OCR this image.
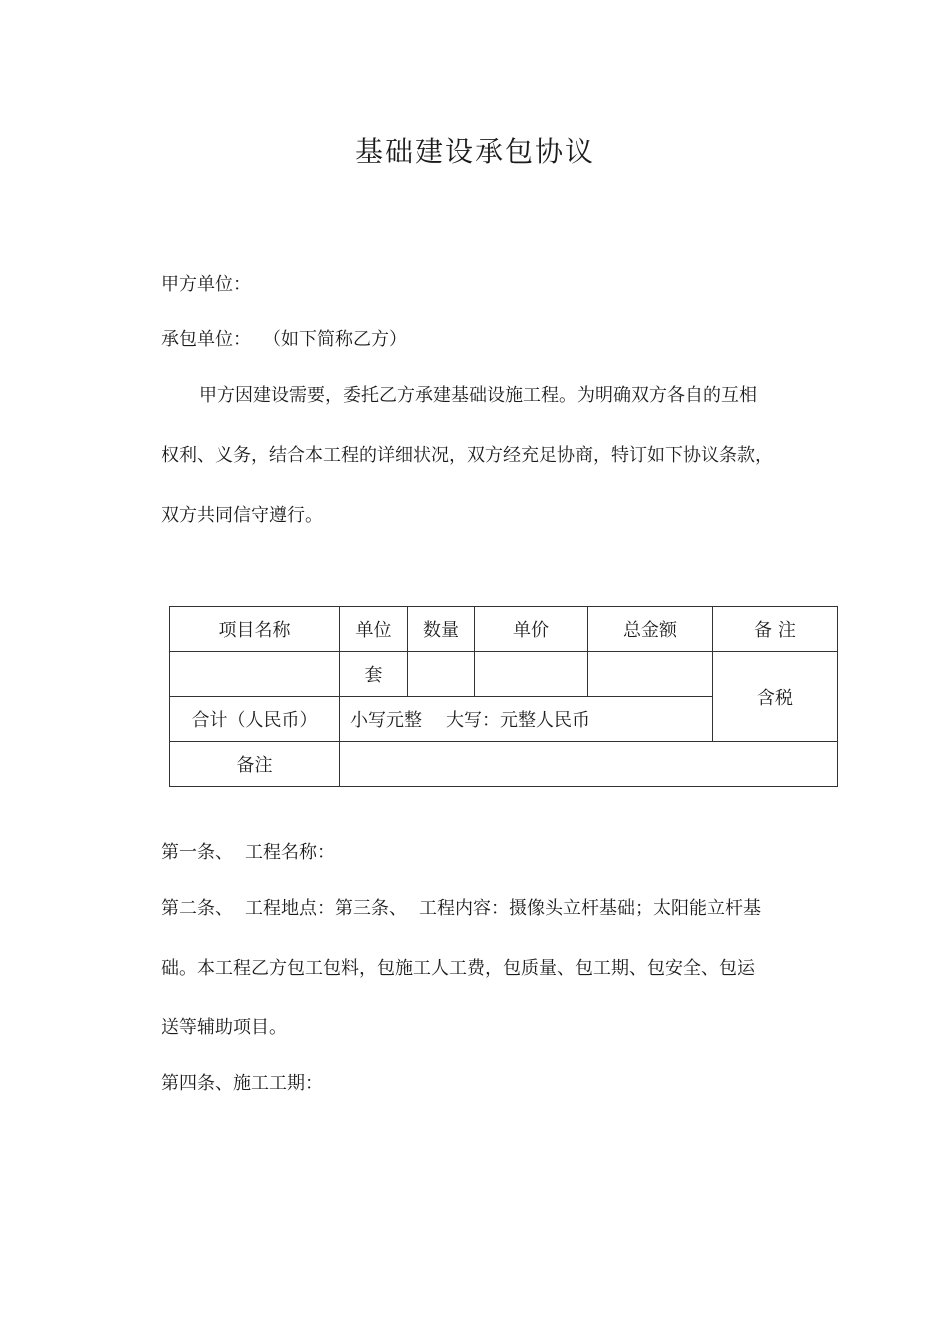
基础建设承包协议
甲方单位：
承包单位： （如下简称乙方）
甲方因建设需要，委托乙方承建基础设施工程。为明确双方各自的互相
权利、义务，结合本工程的详细状况，双方经充足协商，特订如下协议条款，
双方共同信守遵行。
项目名称	单位	数量	单价	总金额	备 注
	套				含税
合计（人民币）	小写元整 大写：元整人民币				
备注					
第一条、 工程名称：
第二条、 工程地点：第三条、 工程内容：摄像头立杆基础；太阳能立杆基
础。本工程乙方包工包料，包施工人工费，包质量、包工期、包安全、包运
送等辅助项目。
第四条、施工工期：
